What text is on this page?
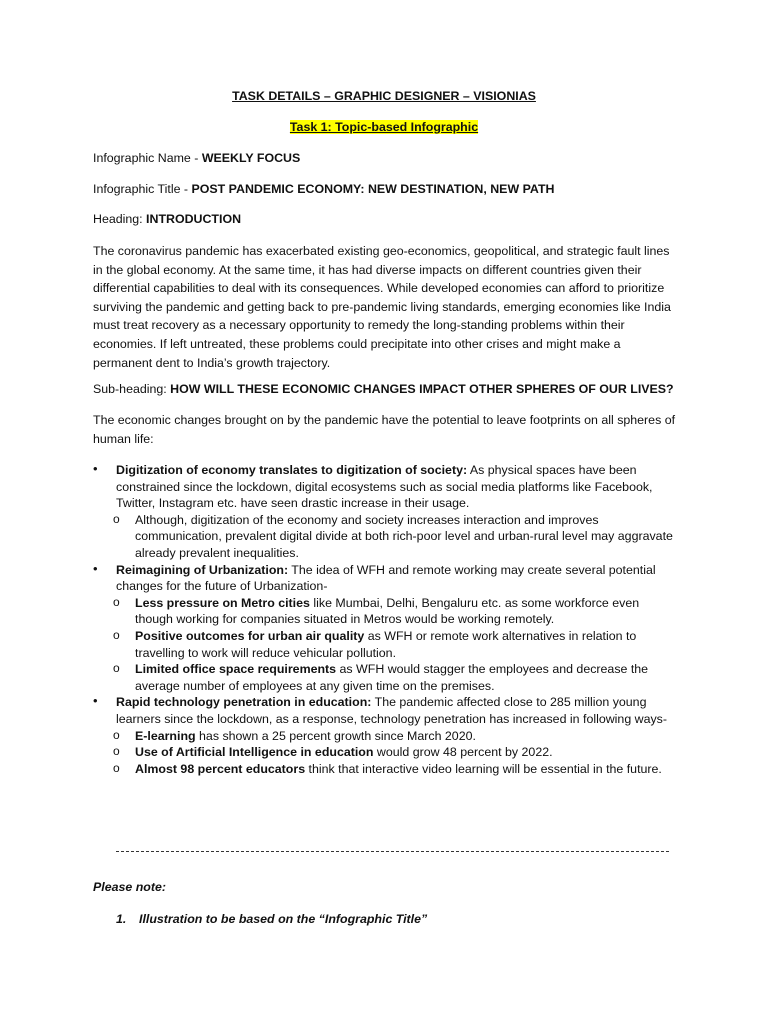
TASK DETAILS – GRAPHIC DESIGNER – VISIONIAS
Task 1: Topic-based Infographic
Infographic Name - WEEKLY FOCUS
Infographic Title - POST PANDEMIC ECONOMY: NEW DESTINATION, NEW PATH
Heading: INTRODUCTION
The coronavirus pandemic has exacerbated existing geo-economics, geopolitical, and strategic fault lines in the global economy. At the same time, it has had diverse impacts on different countries given their differential capabilities to deal with its consequences. While developed economies can afford to prioritize surviving the pandemic and getting back to pre-pandemic living standards, emerging economies like India must treat recovery as a necessary opportunity to remedy the long-standing problems within their economies. If left untreated, these problems could precipitate into other crises and might make a permanent dent to India’s growth trajectory.
Sub-heading: HOW WILL THESE ECONOMIC CHANGES IMPACT OTHER SPHERES OF OUR LIVES?
The economic changes brought on by the pandemic have the potential to leave footprints on all spheres of human life:
• Digitization of economy translates to digitization of society: As physical spaces have been constrained since the lockdown, digital ecosystems such as social media platforms like Facebook, Twitter, Instagram etc. have seen drastic increase in their usage.
o Although, digitization of the economy and society increases interaction and improves communication, prevalent digital divide at both rich-poor level and urban-rural level may aggravate already prevalent inequalities.
• Reimagining of Urbanization: The idea of WFH and remote working may create several potential changes for the future of Urbanization-
o Less pressure on Metro cities like Mumbai, Delhi, Bengaluru etc. as some workforce even though working for companies situated in Metros would be working remotely.
o Positive outcomes for urban air quality as WFH or remote work alternatives in relation to travelling to work will reduce vehicular pollution.
o Limited office space requirements as WFH would stagger the employees and decrease the average number of employees at any given time on the premises.
• Rapid technology penetration in education: The pandemic affected close to 285 million young learners since the lockdown, as a response, technology penetration has increased in following ways-
o E-learning has shown a 25 percent growth since March 2020.
o Use of Artificial Intelligence in education would grow 48 percent by 2022.
o Almost 98 percent educators think that interactive video learning will be essential in the future.
Please note:
1. Illustration to be based on the “Infographic Title”
